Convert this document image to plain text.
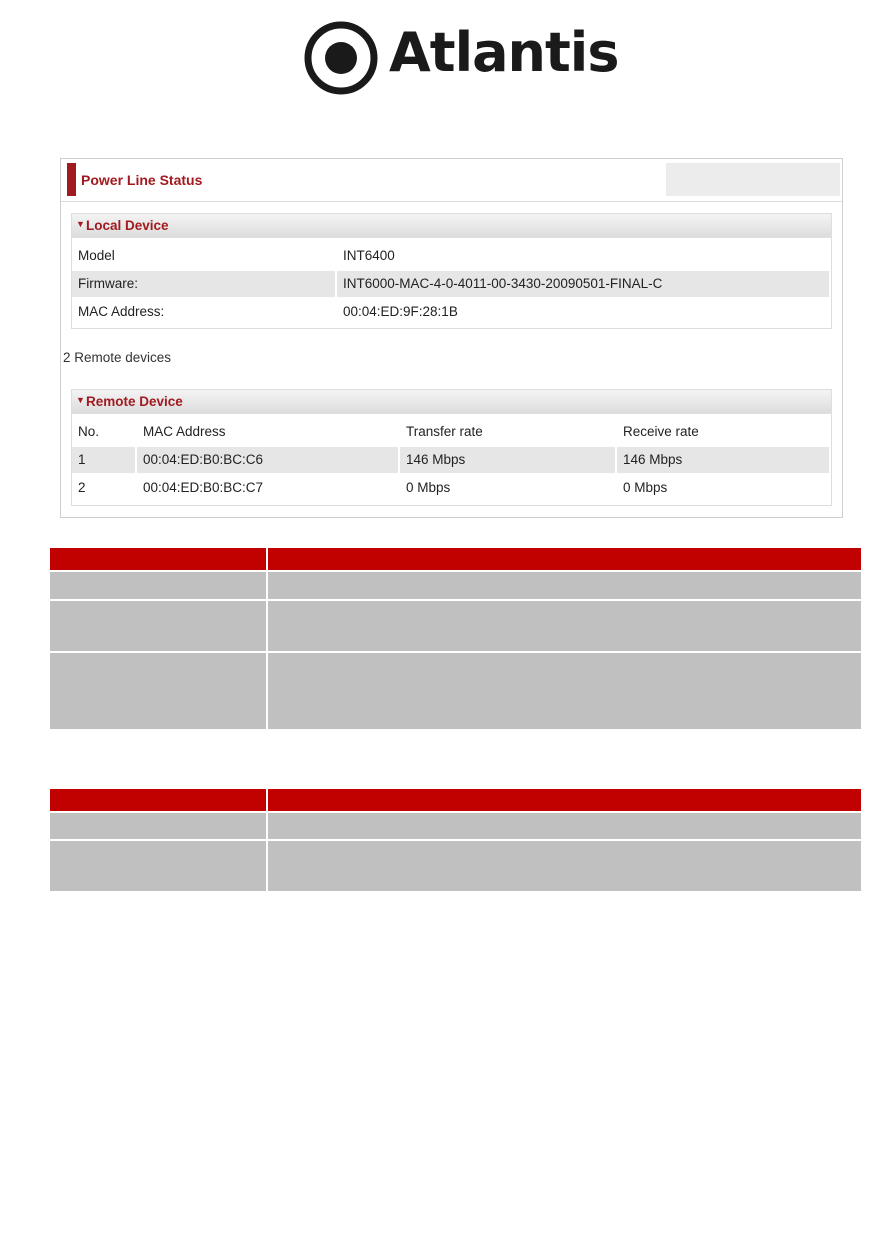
Atlantis
Power Line Status
▼ Local Device
Model	INT6400
Firmware:	INT6000-MAC-4-0-4011-00-3430-20090501-FINAL-C
MAC Address:	00:04:ED:9F:28:1B
▼ Remote Device
No.	MAC Address	Transfer rate	Receive rate
1	00:04:ED:B0:BC:C6	146 Mbps	146 Mbps
2	00:04:ED:B0:BC:C7	0 Mbps	0 Mbps
2 Remote devices
